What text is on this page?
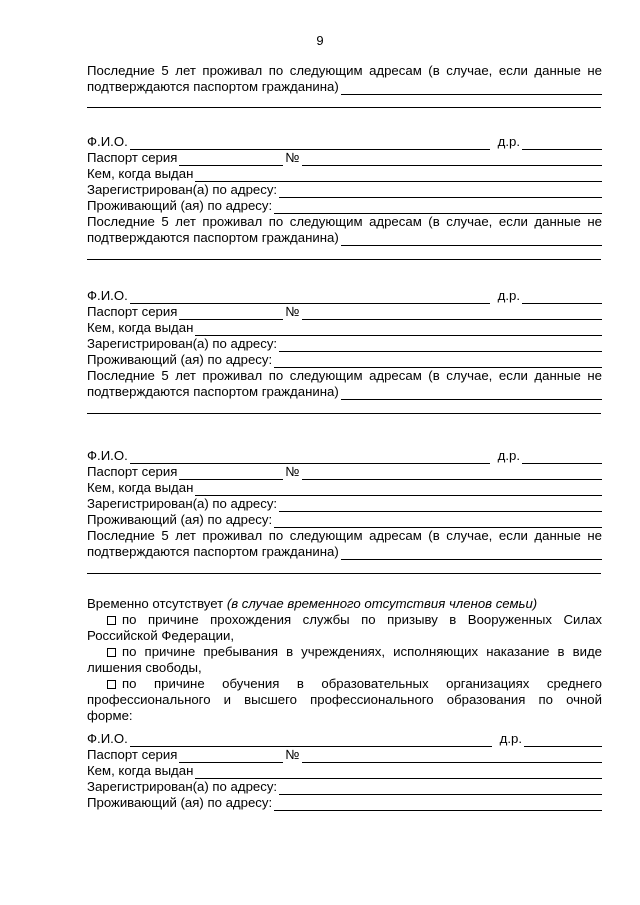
9
Последние 5 лет проживал по следующим адресам (в случае, если данные не
подтверждаются паспортом гражданина)
Ф.И.О.	д.р.
Паспорт серия	№
Кем, когда выдан
Зарегистрирован(а) по адресу:
Проживающий (ая) по адресу:
Последние 5 лет проживал по следующим адресам (в случае, если данные не
подтверждаются паспортом гражданина)
Ф.И.О.	д.р.
Паспорт серия	№
Кем, когда выдан
Зарегистрирован(а) по адресу:
Проживающий (ая) по адресу:
Последние 5 лет проживал по следующим адресам (в случае, если данные не
подтверждаются паспортом гражданина)
Ф.И.О.	д.р.
Паспорт серия	№
Кем, когда выдан
Зарегистрирован(а) по адресу:
Проживающий (ая) по адресу:
Последние 5 лет проживал по следующим адресам (в случае, если данные не
подтверждаются паспортом гражданина)
Временно отсутствует (в случае временного отсутствия членов семьи)
по причине прохождения службы по призыву в Вооруженных Силах
Российской Федерации,
по причине пребывания в учреждениях, исполняющих наказание в виде
лишения свободы,
по причине обучения в образовательных организациях среднего
профессионального и высшего профессионального образования по очной
форме:
Ф.И.О.	д.р.
Паспорт серия	№
Кем, когда выдан
Зарегистрирован(а) по адресу:
Проживающий (ая) по адресу:
